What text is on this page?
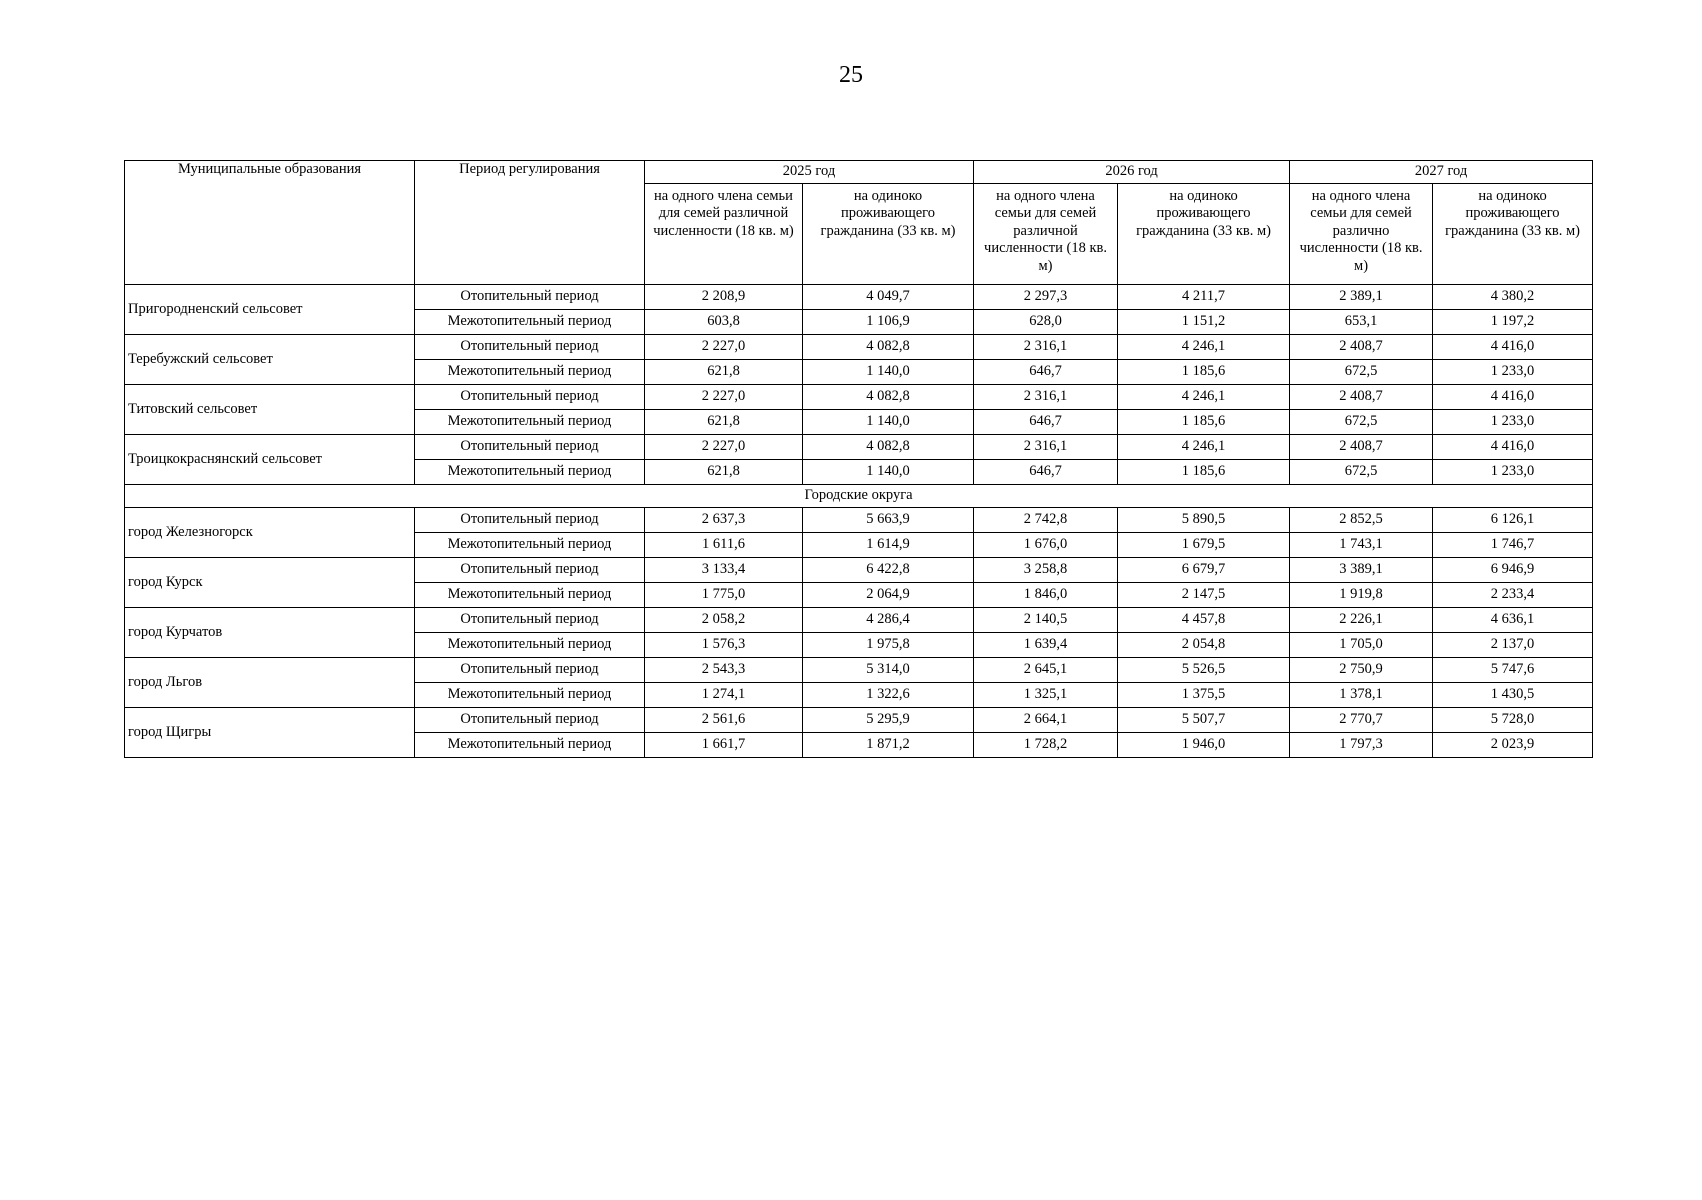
25
Муниципальные образования	Период регулирования	2025 год		2026 год		2027 год	
		на одного члена семьи для семей различной численности (18 кв. м)	на одиноко проживающего гражданина (33 кв. м)	на одного члена семьи для семей различной численности (18 кв. м)	на одиноко проживающего гражданина (33 кв. м)	на одного члена семьи для семей различно численности (18 кв. м)	на одиноко проживающего гражданина (33 кв. м)
Пригородненский сельсовет	Отопительный период	2 208,9	4 049,7	2 297,3	4 211,7	2 389,1	4 380,2
	Межотопительный период	603,8	1 106,9	628,0	1 151,2	653,1	1 197,2
Теребужский сельсовет	Отопительный период	2 227,0	4 082,8	2 316,1	4 246,1	2 408,7	4 416,0
	Межотопительный период	621,8	1 140,0	646,7	1 185,6	672,5	1 233,0
Титовский сельсовет	Отопительный период	2 227,0	4 082,8	2 316,1	4 246,1	2 408,7	4 416,0
	Межотопительный период	621,8	1 140,0	646,7	1 185,6	672,5	1 233,0
Троицкокраснянский сельсовет	Отопительный период	2 227,0	4 082,8	2 316,1	4 246,1	2 408,7	4 416,0
	Межотопительный период	621,8	1 140,0	646,7	1 185,6	672,5	1 233,0
Городские округа							
город Железногорск	Отопительный период	2 637,3	5 663,9	2 742,8	5 890,5	2 852,5	6 126,1
	Межотопительный период	1 611,6	1 614,9	1 676,0	1 679,5	1 743,1	1 746,7
город Курск	Отопительный период	3 133,4	6 422,8	3 258,8	6 679,7	3 389,1	6 946,9
	Межотопительный период	1 775,0	2 064,9	1 846,0	2 147,5	1 919,8	2 233,4
город Курчатов	Отопительный период	2 058,2	4 286,4	2 140,5	4 457,8	2 226,1	4 636,1
	Межотопительный период	1 576,3	1 975,8	1 639,4	2 054,8	1 705,0	2 137,0
город Льгов	Отопительный период	2 543,3	5 314,0	2 645,1	5 526,5	2 750,9	5 747,6
	Межотопительный период	1 274,1	1 322,6	1 325,1	1 375,5	1 378,1	1 430,5
город Щигры	Отопительный период	2 561,6	5 295,9	2 664,1	5 507,7	2 770,7	5 728,0
	Межотопительный период	1 661,7	1 871,2	1 728,2	1 946,0	1 797,3	2 023,9
